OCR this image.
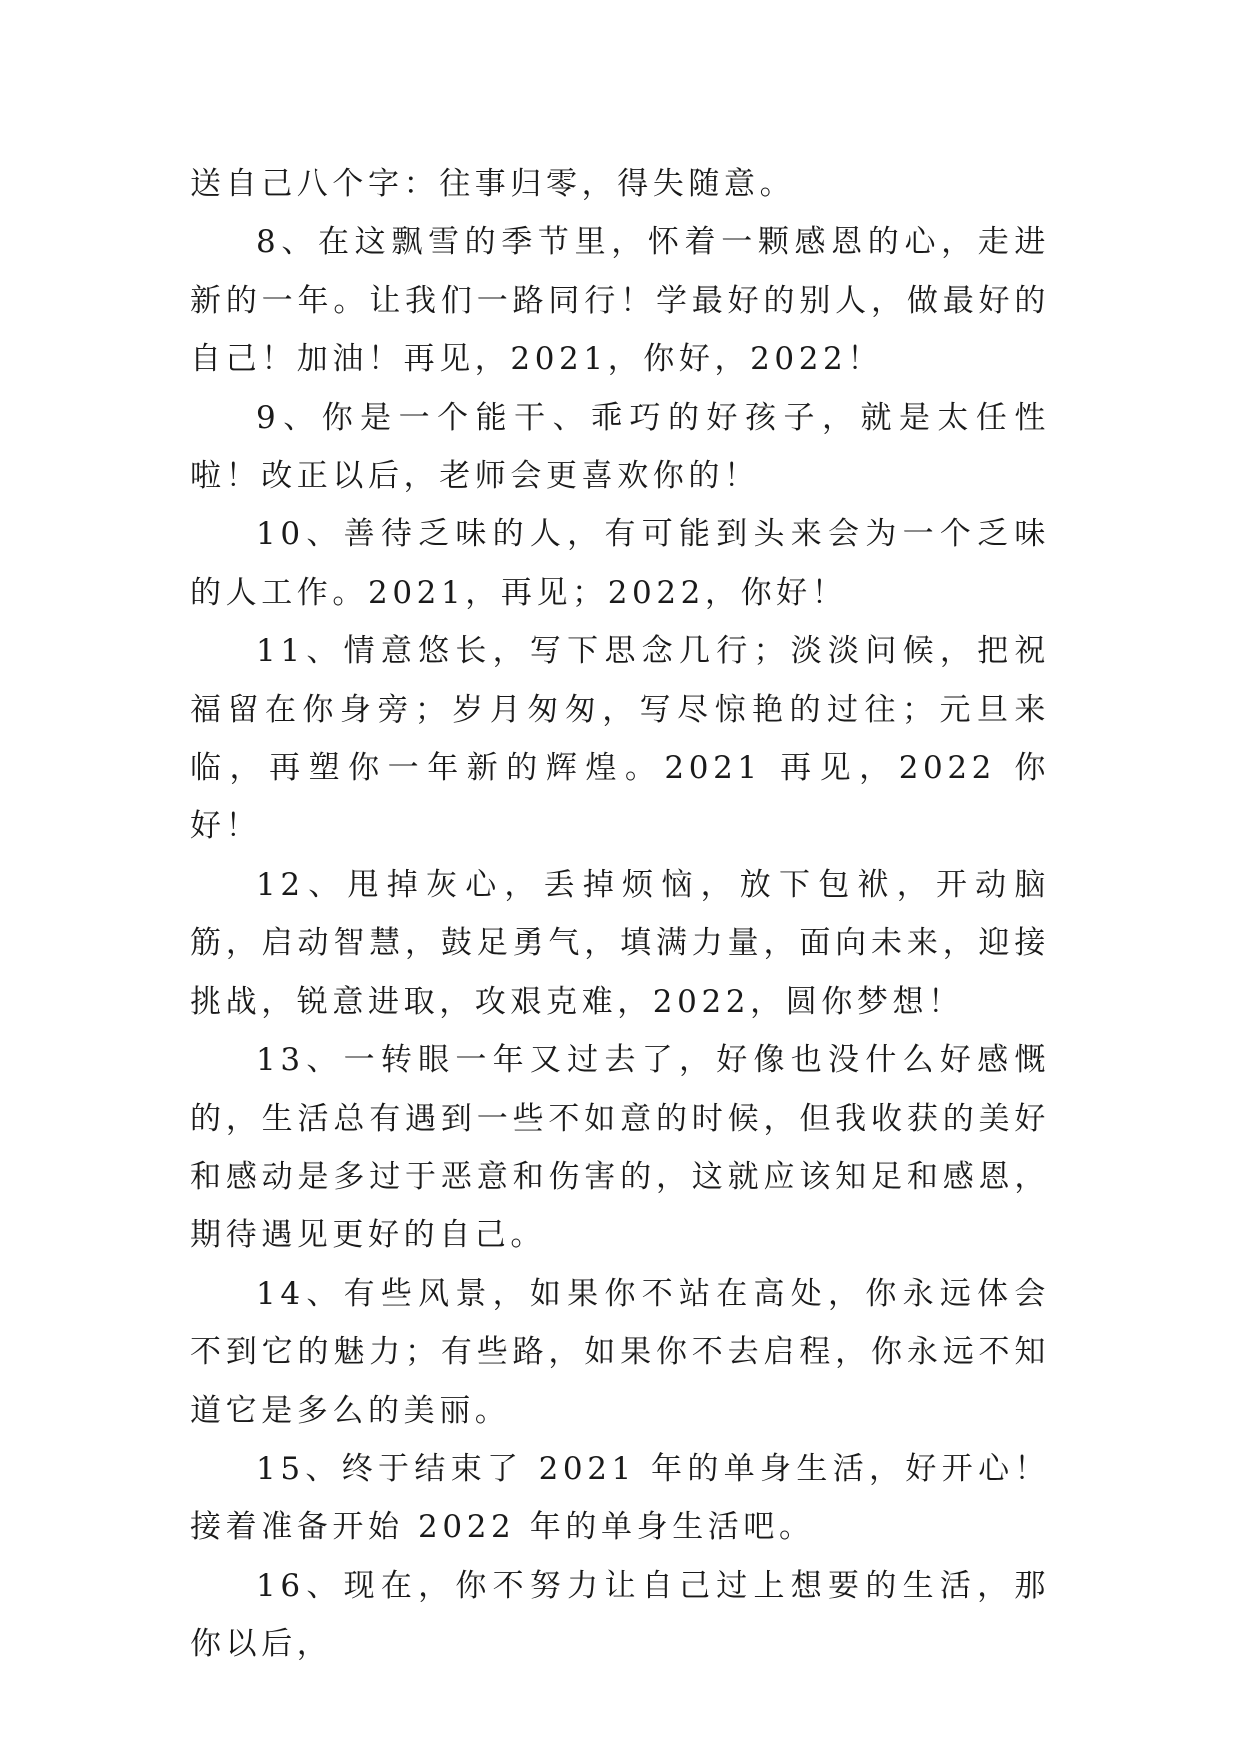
送自己八个字：往事归零，得失随意。

8、在这飘雪的季节里，怀着一颗感恩的心，走进新的一年。让我们一路同行！学最好的别人，做最好的自己！加油！再见，2021，你好，2022！

9、你是一个能干、乖巧的好孩子，就是太任性啦！改正以后，老师会更喜欢你的！

10、善待乏味的人，有可能到头来会为一个乏味的人工作。2021，再见；2022，你好！

11、情意悠长，写下思念几行；淡淡问候，把祝福留在你身旁；岁月匆匆，写尽惊艳的过往；元旦来临，再塑你一年新的辉煌。2021 再见，2022 你好！

12、甩掉灰心，丢掉烦恼，放下包袱，开动脑筋，启动智慧，鼓足勇气，填满力量，面向未来，迎接挑战，锐意进取，攻艰克难，2022，圆你梦想！

13、一转眼一年又过去了，好像也没什么好感慨的，生活总有遇到一些不如意的时候，但我收获的美好和感动是多过于恶意和伤害的，这就应该知足和感恩，期待遇见更好的自己。

14、有些风景，如果你不站在高处，你永远体会不到它的魅力；有些路，如果你不去启程，你永远不知道它是多么的美丽。

15、终于结束了 2021 年的单身生活，好开心！接着准备开始 2022 年的单身生活吧。

16、现在，你不努力让自己过上想要的生活，那你以后，
